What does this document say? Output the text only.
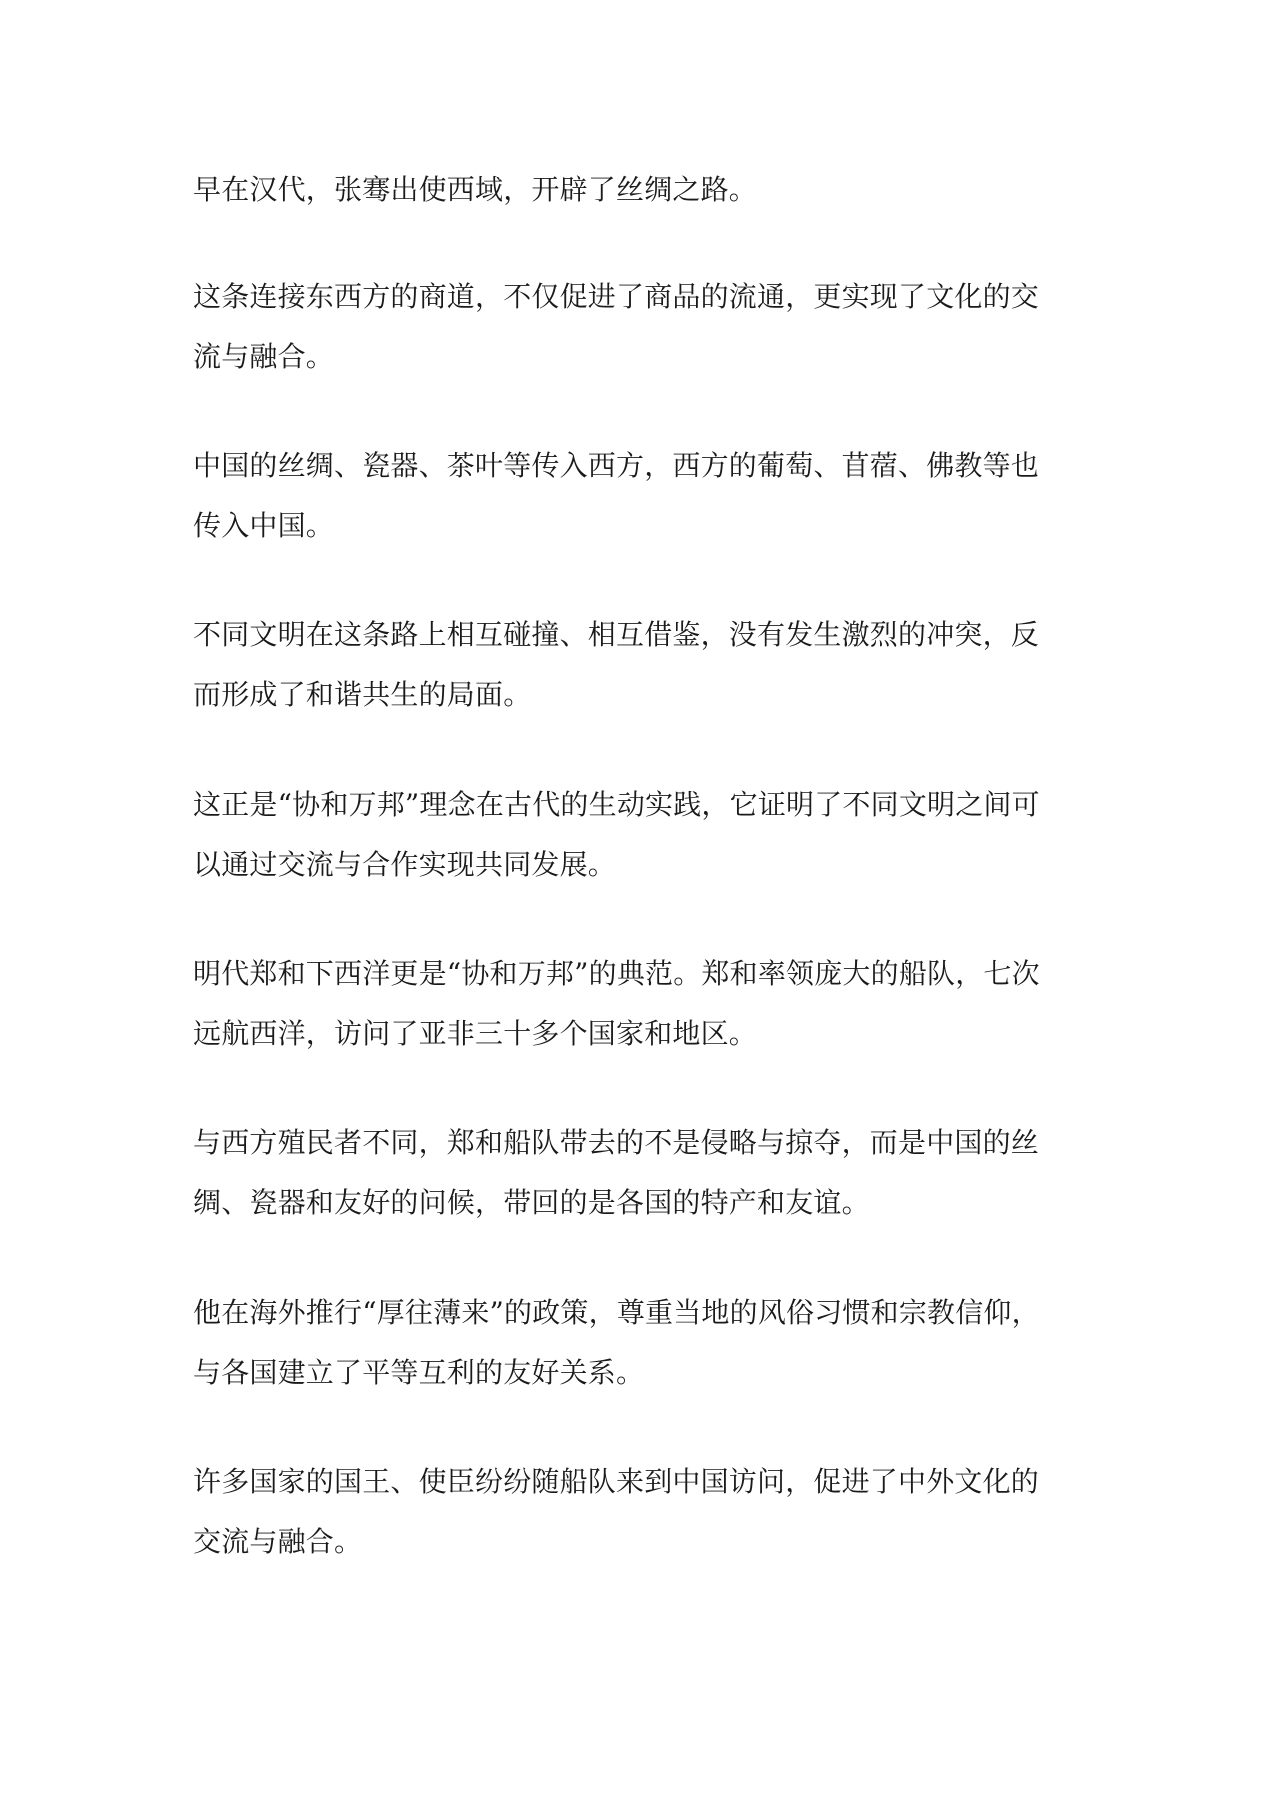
早在汉代，张骞出使西域，开辟了丝绸之路。

这条连接东西方的商道，不仅促进了商品的流通，更实现了文化的交
流与融合。

中国的丝绸、瓷器、茶叶等传入西方，西方的葡萄、苜蓿、佛教等也
传入中国。

不同文明在这条路上相互碰撞、相互借鉴，没有发生激烈的冲突，反
而形成了和谐共生的局面。

这正是“协和万邦”理念在古代的生动实践，它证明了不同文明之间可
以通过交流与合作实现共同发展。

明代郑和下西洋更是“协和万邦”的典范。郑和率领庞大的船队，七次
远航西洋，访问了亚非三十多个国家和地区。

与西方殖民者不同，郑和船队带去的不是侵略与掠夺，而是中国的丝
绸、瓷器和友好的问候，带回的是各国的特产和友谊。

他在海外推行“厚往薄来”的政策，尊重当地的风俗习惯和宗教信仰，
与各国建立了平等互利的友好关系。

许多国家的国王、使臣纷纷随船队来到中国访问，促进了中外文化的
交流与融合。
